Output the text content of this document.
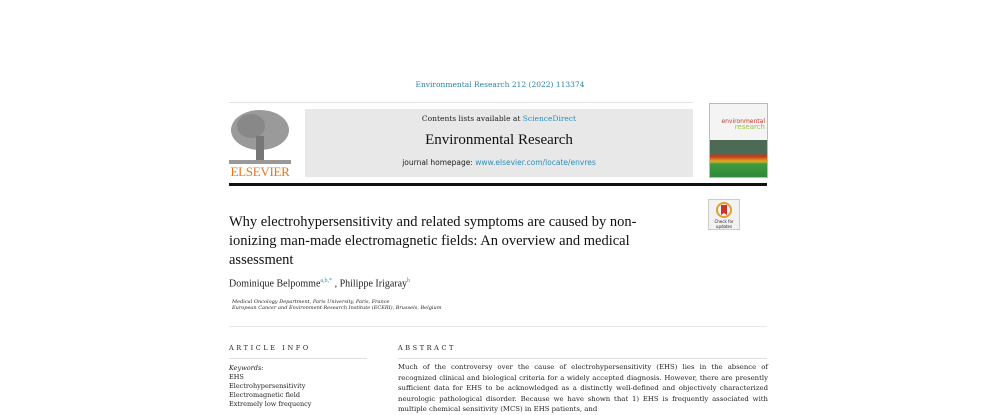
Environmental Research 212 (2022) 113374
ELSEVIER
Contents lists available at ScienceDirect
Environmental Research
journal homepage: www.elsevier.com/locate/envres
environmental
research
Why electrohypersensitivity and related symptoms are caused by non-ionizing man-made electromagnetic fields: An overview and medical assessment
Check for updates
Dominique Belpomme$^{a,b,*}$ , Philippe Irigaray$^b$
Medical Oncology Department, Paris University, Paris, France
European Cancer and Environment Research Institute (ECERI), Brussels, Belgium
ARTICLE INFO
Keywords:
EHS
Electrohypersensitivity
Electromagnetic field
Extremely low frequency
ABSTRACT
Much of the controversy over the cause of electrohypersensitivity (EHS) lies in the absence of recognized clinical and biological criteria for a widely accepted diagnosis. However, there are presently sufficient data for EHS to be acknowledged as a distinctly well-defined and objectively characterized neurologic pathological disorder. Because we have shown that 1) EHS is frequently associated with multiple chemical sensitivity (MCS) in EHS patients, and
